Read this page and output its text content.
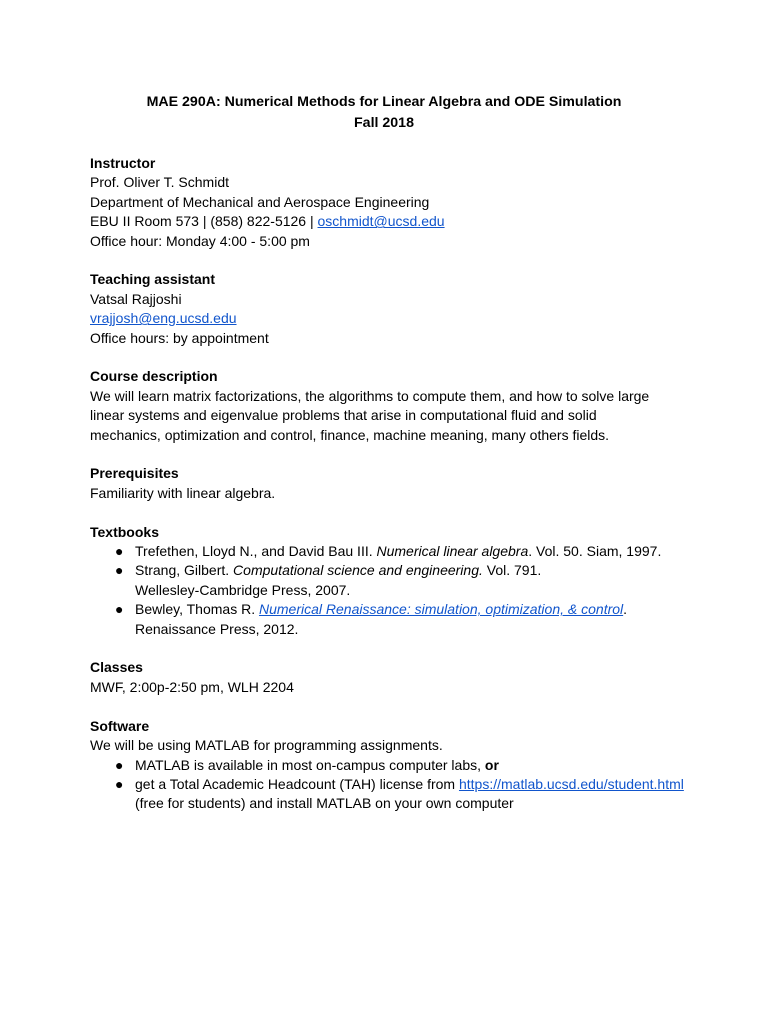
MAE 290A: Numerical Methods for Linear Algebra and ODE Simulation
Fall 2018
Instructor
Prof. Oliver T. Schmidt
Department of Mechanical and Aerospace Engineering
EBU II Room 573 | (858) 822-5126 | oschmidt@ucsd.edu
Office hour: Monday 4:00 - 5:00 pm
Teaching assistant
Vatsal Rajjoshi
vrajjosh@eng.ucsd.edu
Office hours: by appointment
Course description
We will learn matrix factorizations, the algorithms to compute them, and how to solve large linear systems and eigenvalue problems that arise in computational fluid and solid mechanics, optimization and control, finance, machine meaning, many others fields.
Prerequisites
Familiarity with linear algebra.
Textbooks
● Trefethen, Lloyd N., and David Bau III. Numerical linear algebra. Vol. 50. Siam, 1997.
● Strang, Gilbert. Computational science and engineering. Vol. 791.
Wellesley-Cambridge Press, 2007.
● Bewley, Thomas R. Numerical Renaissance: simulation, optimization, & control.
Renaissance Press, 2012.
Classes
MWF, 2:00p-2:50 pm, WLH 2204
Software
We will be using MATLAB for programming assignments.
● MATLAB is available in most on-campus computer labs, or
● get a Total Academic Headcount (TAH) license from https://matlab.ucsd.edu/student.html
(free for students) and install MATLAB on your own computer
